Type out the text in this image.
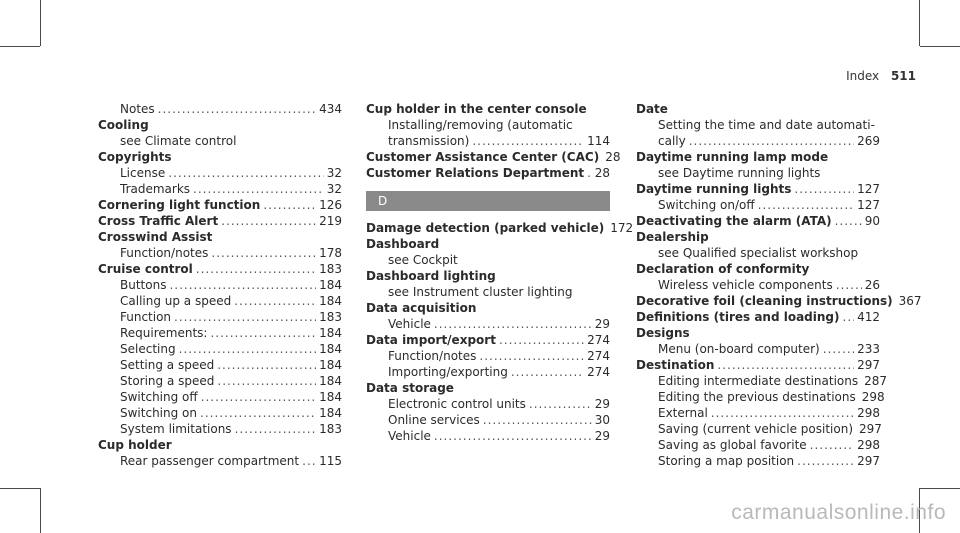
Index 511
Notes .....	434
Cooling
see Climate control
Copyrights
License .....	32
Trademarks .....	32
Cornering light function .....	126
Cross Traffic Alert .....	219
Crosswind Assist
Function/notes .....	178
Cruise control .....	183
Buttons .....	184
Calling up a speed .....	184
Function .....	183
Requirements: .....	184
Selecting .....	184
Setting a speed .....	184
Storing a speed .....	184
Switching off .....	184
Switching on .....	184
System limitations .....	183
Cup holder
Rear passenger compartment ..... 115
Cup holder in the center console
Installing/removing (automatic
transmission) .....	114
Customer Assistance Center (CAC) 28
Customer Relations Department ..... 28
D
Damage detection (parked vehicle) 172
Dashboard
see Cockpit
Dashboard lighting
see Instrument cluster lighting
Data acquisition
Vehicle .....	29
Data import/export .....	274
Function/notes .....	274
Importing/exporting .....	274
Data storage
Electronic control units .....	29
Online services .....	30
Vehicle .....	29
Date
Setting the time and date automati-
cally .....	269
Daytime running lamp mode
see Daytime running lights
Daytime running lights .....	127
Switching on/off .....	127
Deactivating the alarm (ATA) .....	90
Dealership
see Qualified specialist workshop
Declaration of conformity
Wireless vehicle components .....	26
Decorative foil (cleaning instructions) 367
Definitions (tires and loading) ..... 412
Designs
Menu (on-board computer) .....	233
Destination .....	297
Editing intermediate destinations 287
Editing the previous destinations 298
External .....	298
Saving (current vehicle position) 297
Saving as global favorite .....	298
Storing a map position .....	297
carmanualsonline.info
